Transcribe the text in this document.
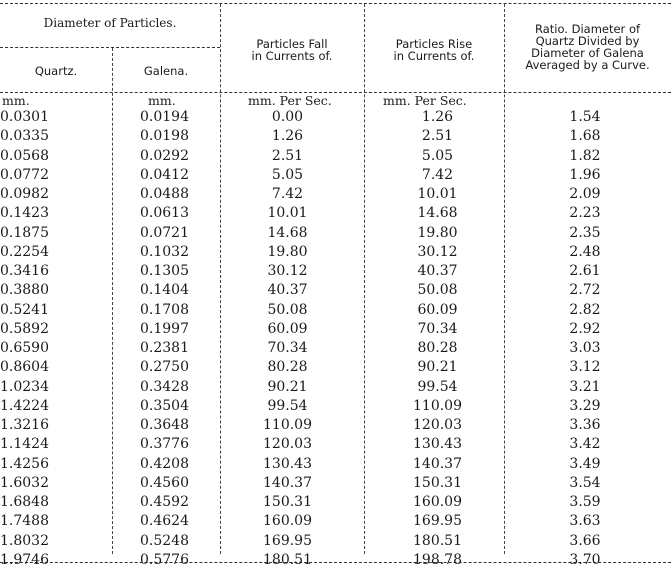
Diameter of Particles.
Quartz.	Galena.
Particles Fall
in Currents of.
Particles Rise
in Currents of.
Ratio. Diameter of
Quartz Divided by
Diameter of Galena
Averaged by a Curve.
mm.	mm.	mm. Per Sec.	mm. Per Sec.
0.0301	0.0194	0.00	1.26	1.54
0.0335	0.0198	1.26	2.51	1.68
0.0568	0.0292	2.51	5.05	1.82
0.0772	0.0412	5.05	7.42	1.96
0.0982	0.0488	7.42	10.01	2.09
0.1423	0.0613	10.01	14.68	2.23
0.1875	0.0721	14.68	19.80	2.35
0.2254	0.1032	19.80	30.12	2.48
0.3416	0.1305	30.12	40.37	2.61
0.3880	0.1404	40.37	50.08	2.72
0.5241	0.1708	50.08	60.09	2.82
0.5892	0.1997	60.09	70.34	2.92
0.6590	0.2381	70.34	80.28	3.03
0.8604	0.2750	80.28	90.21	3.12
1.0234	0.3428	90.21	99.54	3.21
1.4224	0.3504	99.54	110.09	3.29
1.3216	0.3648	110.09	120.03	3.36
1.1424	0.3776	120.03	130.43	3.42
1.4256	0.4208	130.43	140.37	3.49
1.6032	0.4560	140.37	150.31	3.54
1.6848	0.4592	150.31	160.09	3.59
1.7488	0.4624	160.09	169.95	3.63
1.8032	0.5248	169.95	180.51	3.66
1.9746	0.5776	180.51	198.78	3.70
